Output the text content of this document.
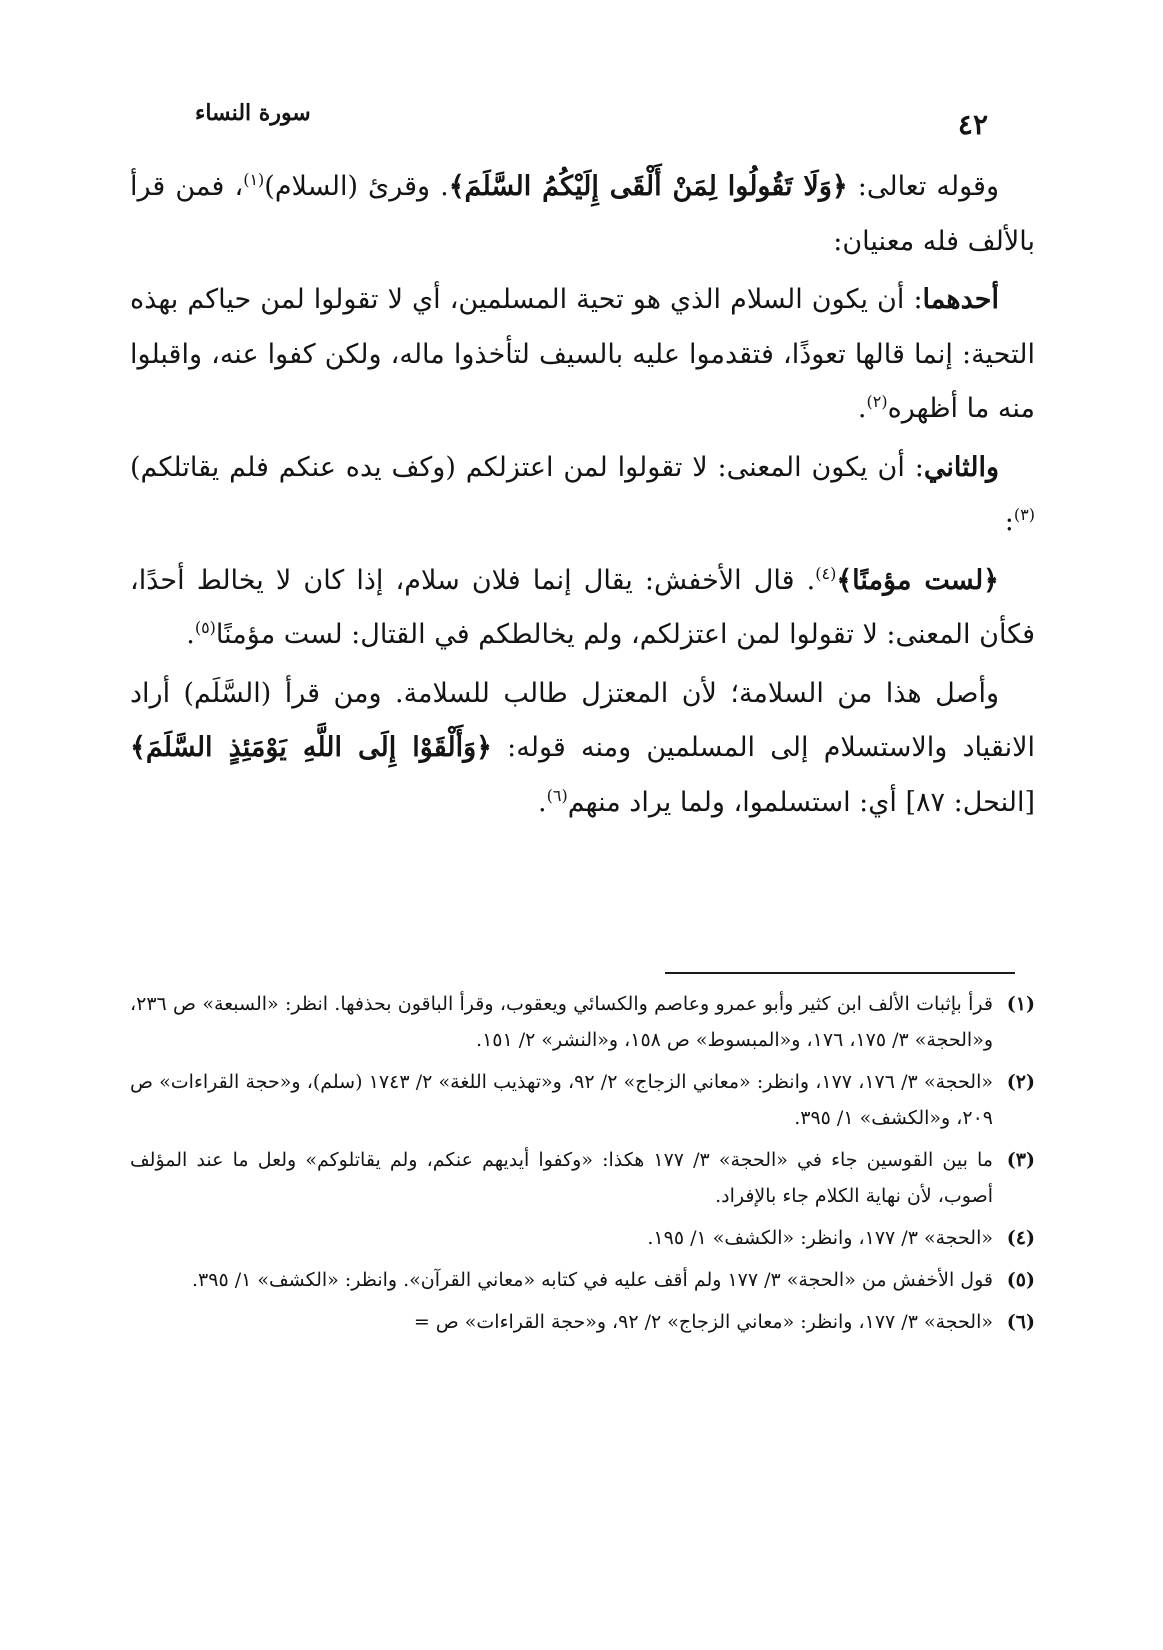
سورة النساء	٤٢

وقوله تعالى: ﴿وَلَا تَقُولُوا لِمَنْ أَلْقَى إِلَيْكُمُ السَّلَمَ﴾. وقرئ (السلام)$^{(١)}$، فمن قرأ بالألف فله معنيان:

أحدهما: أن يكون السلام الذي هو تحية المسلمين، أي لا تقولوا لمن حياكم بهذه التحية: إنما قالها تعوذًا، فتقدموا عليه بالسيف لتأخذوا ماله، ولكن كفوا عنه، واقبلوا منه ما أظهره$^{(٢)}$.

والثاني: أن يكون المعنى: لا تقولوا لمن اعتزلكم (وكف يده عنكم فلم يقاتلكم)$^{(٣)}$:

﴿لست مؤمنًا﴾$^{(٤)}$. قال الأخفش: يقال إنما فلان سلام، إذا كان لا يخالط أحدًا، فكأن المعنى: لا تقولوا لمن اعتزلكم، ولم يخالطكم في القتال: لست مؤمنًا$^{(٥)}$.

وأصل هذا من السلامة؛ لأن المعتزل طالب للسلامة. ومن قرأ (السَّلَم) أراد الانقياد والاستسلام إلى المسلمين ومنه قوله: ﴿وَأَلْقَوْا إِلَى اللَّهِ يَوْمَئِذٍ السَّلَمَ﴾ [النحل: ٨٧] أي: استسلموا، ولما يراد منهم$^{(٦)}$.

(١)
قرأ بإثبات الألف ابن كثير وأبو عمرو وعاصم والكسائي ويعقوب، وقرأ الباقون بحذفها. انظر: «السبعة» ص ٢٣٦، و«الحجة» ٣/ ١٧٥، ١٧٦، و«المبسوط» ص ١٥٨، و«النشر» ٢/ ١٥١.
(٢)
«الحجة» ٣/ ١٧٦، ١٧٧، وانظر: «معاني الزجاج» ٢/ ٩٢، و«تهذيب اللغة» ٢/ ١٧٤٣ (سلم)، و«حجة القراءات» ص ٢٠٩، و«الكشف» ١/ ٣٩٥.
(٣)
ما بين القوسين جاء في «الحجة» ٣/ ١٧٧ هكذا: «وكفوا أيديهم عنكم، ولم يقاتلوكم» ولعل ما عند المؤلف أصوب، لأن نهاية الكلام جاء بالإفراد.
(٤)
«الحجة» ٣/ ١٧٧، وانظر: «الكشف» ١/ ١٩٥.
(٥)
قول الأخفش من «الحجة» ٣/ ١٧٧ ولم أقف عليه في كتابه «معاني القرآن». وانظر: «الكشف» ١/ ٣٩٥.
(٦)
«الحجة» ٣/ ١٧٧، وانظر: «معاني الزجاج» ٢/ ٩٢، و«حجة القراءات» ص =
